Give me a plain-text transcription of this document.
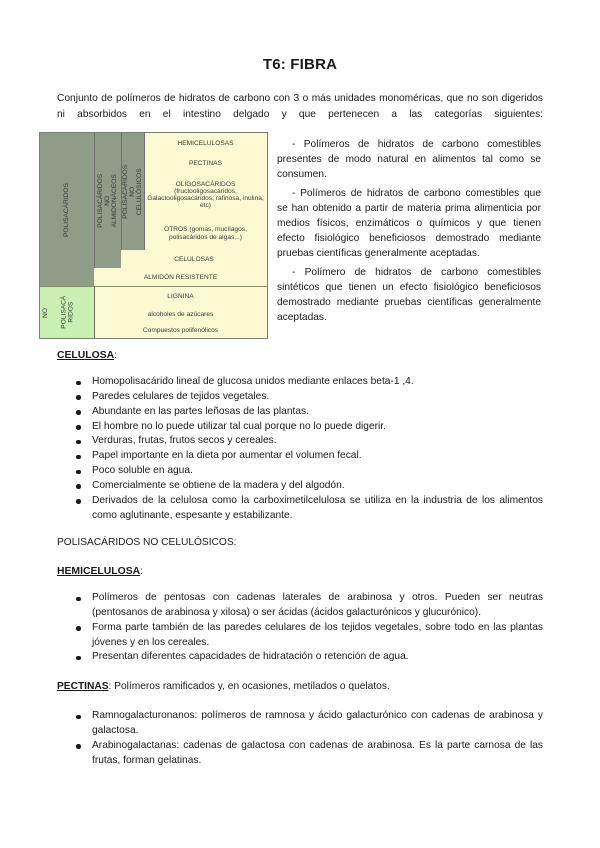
T6: FIBRA
Conjunto de polímeros de hidratos de carbono con 3 o más unidades monoméricas, que no son digeridos ni absorbidos en el intestino delgado y que pertenecen a las categorías siguientes:
POLISACÁRIDOS	POLISACÁRIDOS NO ALMIDONÁCEOS POLISACÁRIDOS NO CELULÓSICOS
NO POLISACÁ RIDOS
HEMICELULOSAS
PECTINAS
OLIGOSACÁRIDOS (fructooligosacáridos, Galactooligosacáridos, rafinosa, inulina, etc)
OTROS (gomas, mucílagos, polisacáridos de algas...)
CELULOSAS
ALMIDÓN RESISTENTE
LIGNINA
alcoholes de azúcares
Compuestos polifenólicos

- Polímeros de hidratos de carbono comestibles presentes de modo natural en alimentos tal como se consumen.

- Polímeros de hidratos de carbono comestibles que se han obtenido a partir de materia prima alimenticia por medios físicos, enzimáticos o químicos y que tienen efecto fisiológico beneficiosos demostrado mediante pruebas científicas generalmente aceptadas.

- Polímero de hidratos de carbono comestibles sintéticos que tienen un efecto fisiológico beneficiosos demostrado mediante pruebas científicas generalmente aceptadas.

CELULOSA:
Homopolisacárido lineal de glucosa unidos mediante enlaces beta-1 ,4.
Paredes celulares de tejidos vegetales.
Abundante en las partes leñosas de las plantas.
El hombre no lo puede utilizar tal cual porque no lo puede digerir.
Verduras, frutas, frutos secos y cereales.
Papel importante en la dieta por aumentar el volumen fecal.
Poco soluble en agua.
Comercialmente se obtiene de la madera y del algodón.
Derivados de la celulosa como la carboximetilcelulosa se utiliza en la industria de los alimentos como aglutinante, espesante y estabilizante.
POLISACÁRIDOS NO CELULÓSICOS:
HEMICELULOSA:
Polímeros de pentosas con cadenas laterales de arabinosa y otros. Pueden ser neutras (pentosanos de arabinosa y xilosa) o ser ácidas (ácidos galacturónicos y glucurónico).
Forma parte también de las paredes celulares de los tejidos vegetales, sobre todo en las plantas jóvenes y en los cereales.
Presentan diferentes capacidades de hidratación o retención de agua.
PECTINAS: Polímeros ramificados y, en ocasiones, metilados o quelatos.
Ramnogalacturonanos: polímeros de ramnosa y ácido galacturónico con cadenas de arabinosa y galactosa.
Arabinogalactanas: cadenas de galactosa con cadenas de arabinosa. Es la parte carnosa de las frutas, forman gelatinas.
